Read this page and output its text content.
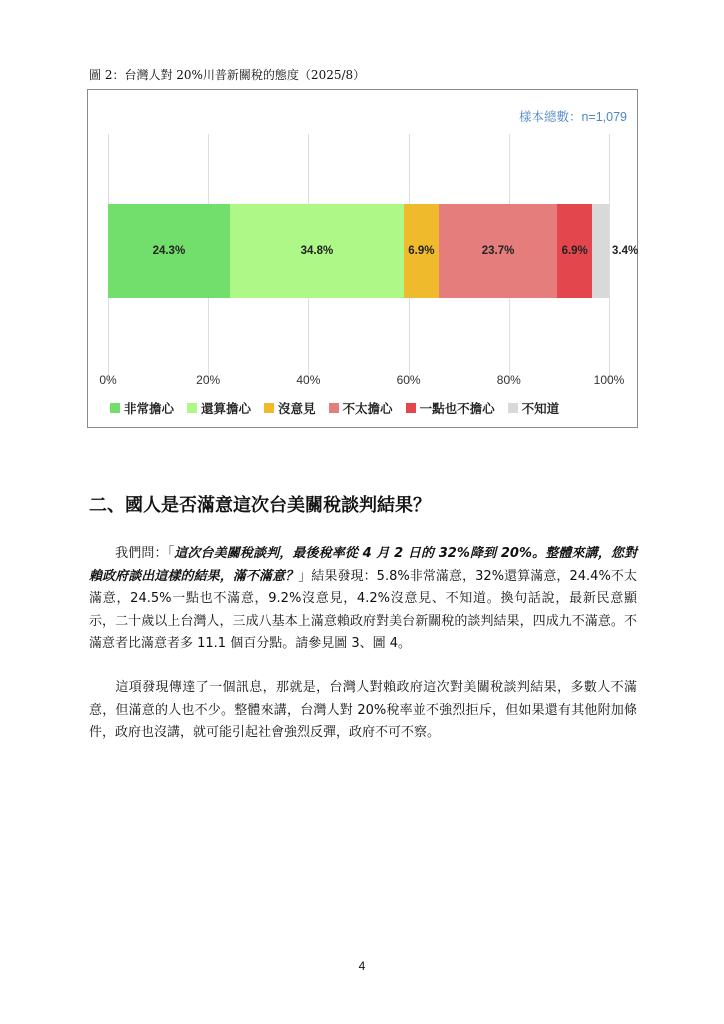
圖 2：台灣人對 20%川普新關稅的態度（2025/8）
樣本總數：n=1,079
24.3%	34.8%	6.9%	23.7%	6.9% 3.4%
0%	20%	40%	60%	80%	100%
非常擔心 還算擔心 沒意見 不太擔心 一點也不擔心 不知道
二、國人是否滿意這次台美關稅談判結果？

我們問：「這次台美關稅談判，最後稅率從 4 月 2 日的 32%降到 20%。整體來講，您對賴政府談出這樣的結果，滿不滿意？」結果發現：5.8%非常滿意，32%還算滿意，24.4%不太滿意，24.5%一點也不滿意，9.2%沒意見，4.2%沒意見、不知道。換句話說，最新民意顯示，二十歲以上台灣人，三成八基本上滿意賴政府對美台新關稅的談判結果，四成九不滿意。不滿意者比滿意者多 11.1 個百分點。請參見圖 3、圖 4。

這項發現傳達了一個訊息，那就是，台灣人對賴政府這次對美關稅談判結果，多數人不滿意，但滿意的人也不少。整體來講，台灣人對 20%稅率並不強烈拒斥，但如果還有其他附加條件，政府也沒講，就可能引起社會強烈反彈，政府不可不察。

4
